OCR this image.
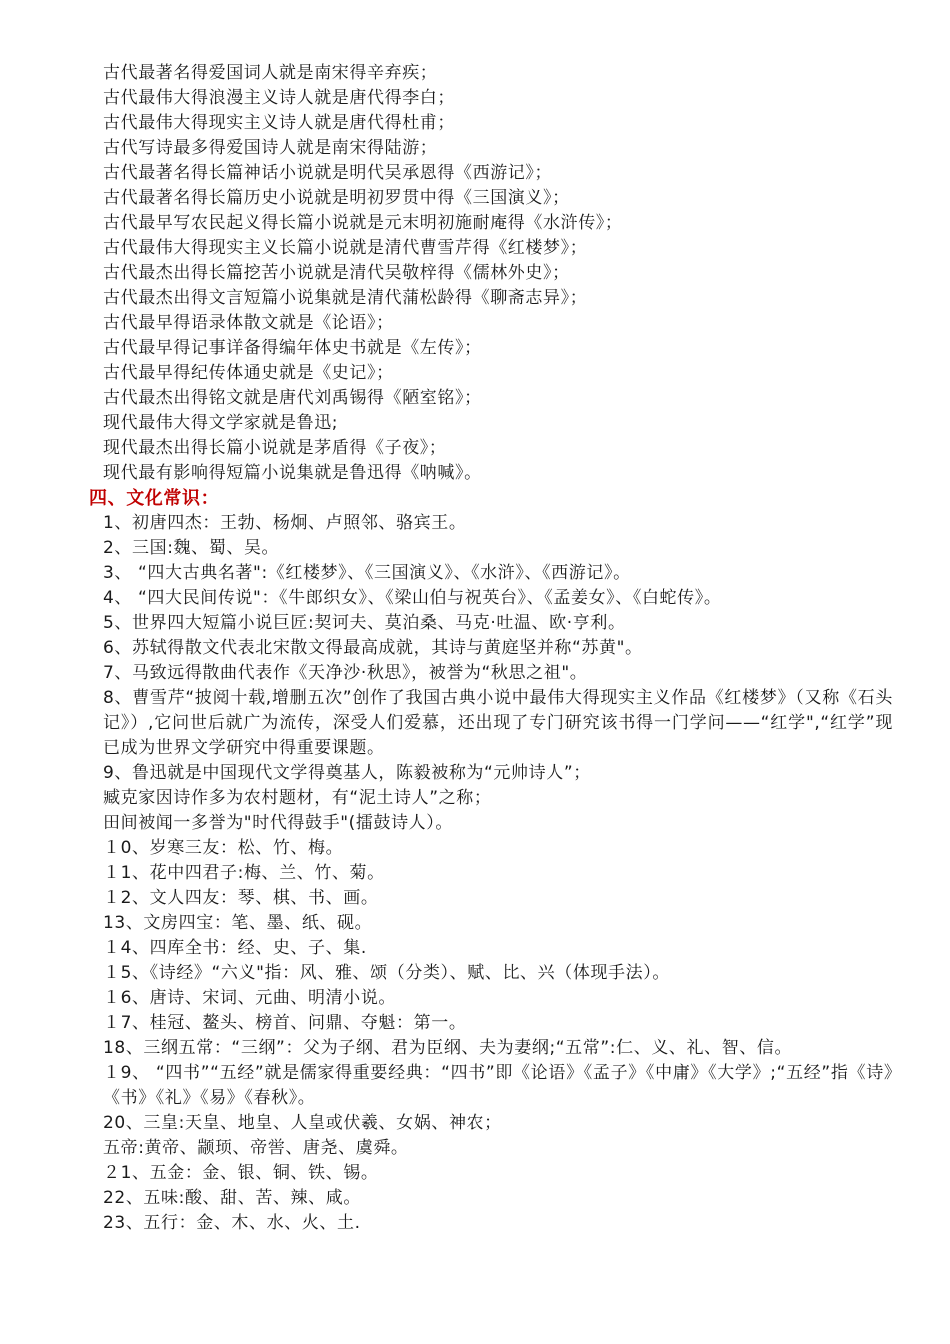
古代最著名得爱国词人就是南宋得辛弃疾；
古代最伟大得浪漫主义诗人就是唐代得李白；
古代最伟大得现实主义诗人就是唐代得杜甫；
古代写诗最多得爱国诗人就是南宋得陆游；
古代最著名得长篇神话小说就是明代吴承恩得《西游记》；
古代最著名得长篇历史小说就是明初罗贯中得《三国演义》；
古代最早写农民起义得长篇小说就是元末明初施耐庵得《水浒传》；
古代最伟大得现实主义长篇小说就是清代曹雪芹得《红楼梦》；
古代最杰出得长篇挖苦小说就是清代吴敬梓得《儒林外史》；
古代最杰出得文言短篇小说集就是清代蒲松龄得《聊斋志异》；
古代最早得语录体散文就是《论语》；
古代最早得记事详备得编年体史书就是《左传》；
古代最早得纪传体通史就是《史记》；
古代最杰出得铭文就是唐代刘禹锡得《陋室铭》；
现代最伟大得文学家就是鲁迅;
现代最杰出得长篇小说就是茅盾得《子夜》；
现代最有影响得短篇小说集就是鲁迅得《呐喊》。
四、文化常识：
1、初唐四杰：王勃、杨炯、卢照邻、骆宾王。
2、三国:魏、蜀、吴。
3、 “四大古典名著":《红楼梦》、《三国演义》、《水浒》、《西游记》。
4、 “四大民间传说"：《牛郎织女》、《梁山伯与祝英台》、《孟姜女》、《白蛇传》。
5、世界四大短篇小说巨匠:契诃夫、莫泊桑、马克·吐温、欧·亨利。
6、苏轼得散文代表北宋散文得最高成就，其诗与黄庭坚并称“苏黄"。
7、马致远得散曲代表作《天净沙·秋思》，被誉为“秋思之祖"。
8、曹雪芹“披阅十载,增删五次”创作了我国古典小说中最伟大得现实主义作品《红楼梦》（又称《石头记》）,它问世后就广为流传，深受人们爱慕，还出现了专门研究该书得一门学问——“红学",“红学”现已成为世界文学研究中得重要课题。
9、鲁迅就是中国现代文学得奠基人，陈毅被称为“元帅诗人”；
臧克家因诗作多为农村题材，有“泥土诗人”之称；
田间被闻一多誉为"时代得鼓手"(擂鼓诗人）。
１0、岁寒三友：松、竹、梅。
１1、花中四君子:梅、兰、竹、菊。
１2、文人四友：琴、棋、书、画。
13、文房四宝：笔、墨、纸、砚。
１4、四库全书：经、史、子、集.
１5、《诗经》“六义"指：风、雅、颂（分类）、赋、比、兴（体现手法）。
１6、唐诗、宋词、元曲、明清小说。
１7、桂冠、鳌头、榜首、问鼎、夺魁：第一。
18、三纲五常：“三纲”：父为子纲、君为臣纲、夫为妻纲;“五常”:仁、义、礼、智、信。
１9、 “四书”“五经”就是儒家得重要经典：“四书”即《论语》《孟子》《中庸》《大学》;“五经”指《诗》《书》《礼》《易》《春秋》。
20、三皇:天皇、地皇、人皇或伏羲、女娲、神农；
五帝:黄帝、颛顼、帝喾、唐尧、虞舜。
２1、五金：金、银、铜、铁、锡。
22、五味:酸、甜、苦、辣、咸。
23、五行：金、木、水、火、土.
